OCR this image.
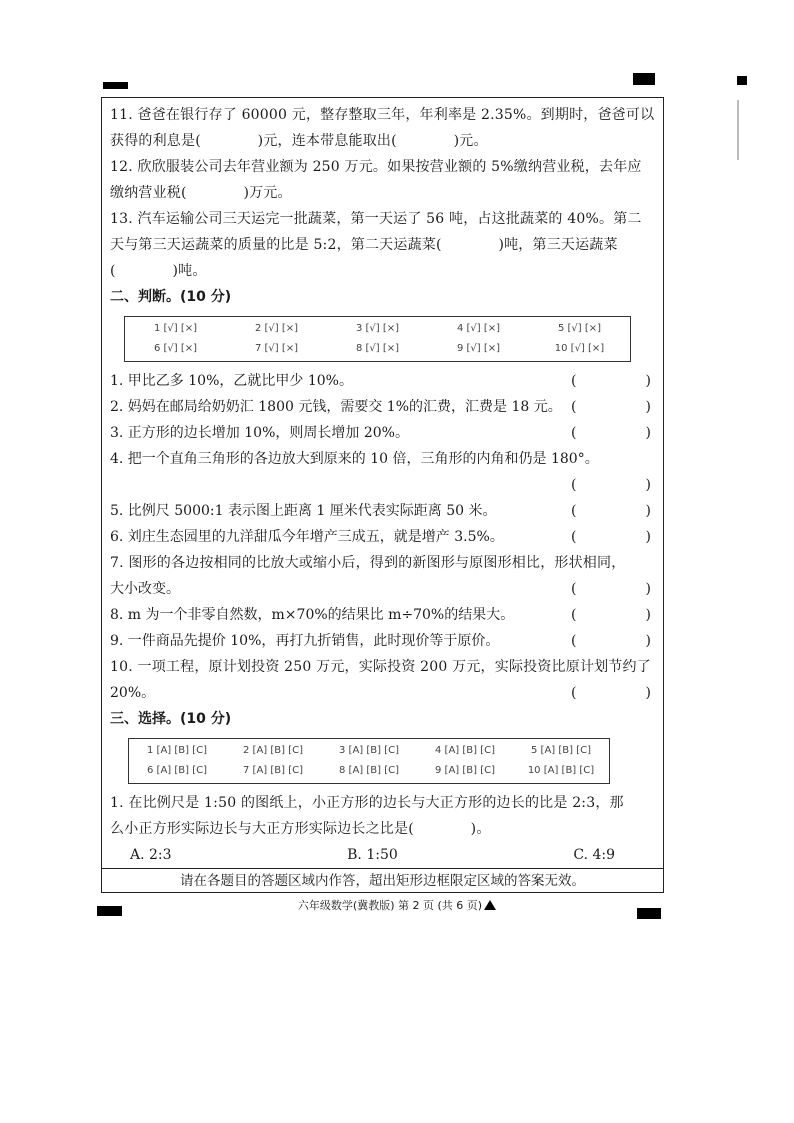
11. 爸爸在银行存了 60000 元，整存整取三年，年利率是 2.35%。到期时，爸爸可以
获得的利息是(　　　　)元，连本带息能取出(　　　　)元。
12. 欣欣服装公司去年营业额为 250 万元。如果按营业额的 5%缴纳营业税，去年应
缴纳营业税(　　　　)万元。
13. 汽车运输公司三天运完一批蔬菜，第一天运了 56 吨，占这批蔬菜的 40%。第二
天与第三天运蔬菜的质量的比是 5:2，第二天运蔬菜(　　　　)吨，第三天运蔬菜
(　　　　)吨。
二、判断。(10 分)
1 [√] [×]	2 [√] [×]	3 [√] [×]	4 [√] [×]	5 [√] [×]
6 [√] [×]	7 [√] [×]	8 [√] [×]	9 [√] [×]	10 [√] [×]
1. 甲比乙多 10%，乙就比甲少 10%。	(	)
2. 妈妈在邮局给奶奶汇 1800 元钱，需要交 1%的汇费，汇费是 18 元。 (	)
3. 正方形的边长增加 10%，则周长增加 20%。	(	)
4. 把一个直角三角形的各边放大到原来的 10 倍，三角形的内角和仍是 180°。
(	)
5. 比例尺 5000:1 表示图上距离 1 厘米代表实际距离 50 米。	(	)
6. 刘庄生态园里的九洋甜瓜今年增产三成五，就是增产 3.5%。	(	)
7. 图形的各边按相同的比放大或缩小后，得到的新图形与原图形相比，形状相同，
大小改变。	(	)
8. m 为一个非零自然数，m×70%的结果比 m÷70%的结果大。	(	)
9. 一件商品先提价 10%，再打九折销售，此时现价等于原价。	(	)
10. 一项工程，原计划投资 250 万元，实际投资 200 万元，实际投资比原计划节约了
20%。	(	)
三、选择。(10 分)
1 [A] [B] [C]	2 [A] [B] [C]	3 [A] [B] [C]	4 [A] [B] [C]	5 [A] [B] [C]
6 [A] [B] [C]	7 [A] [B] [C]	8 [A] [B] [C]	9 [A] [B] [C]	10 [A] [B] [C]
1. 在比例尺是 1:50 的图纸上，小正方形的边长与大正方形的边长的比是 2:3，那
么小正方形实际边长与大正方形实际边长之比是(　　　　)。
A. 2:3	B. 1:50	C. 4:9
请在各题目的答题区域内作答，超出矩形边框限定区域的答案无效。
六年级数学(冀教版) 第 2 页 (共 6 页)
